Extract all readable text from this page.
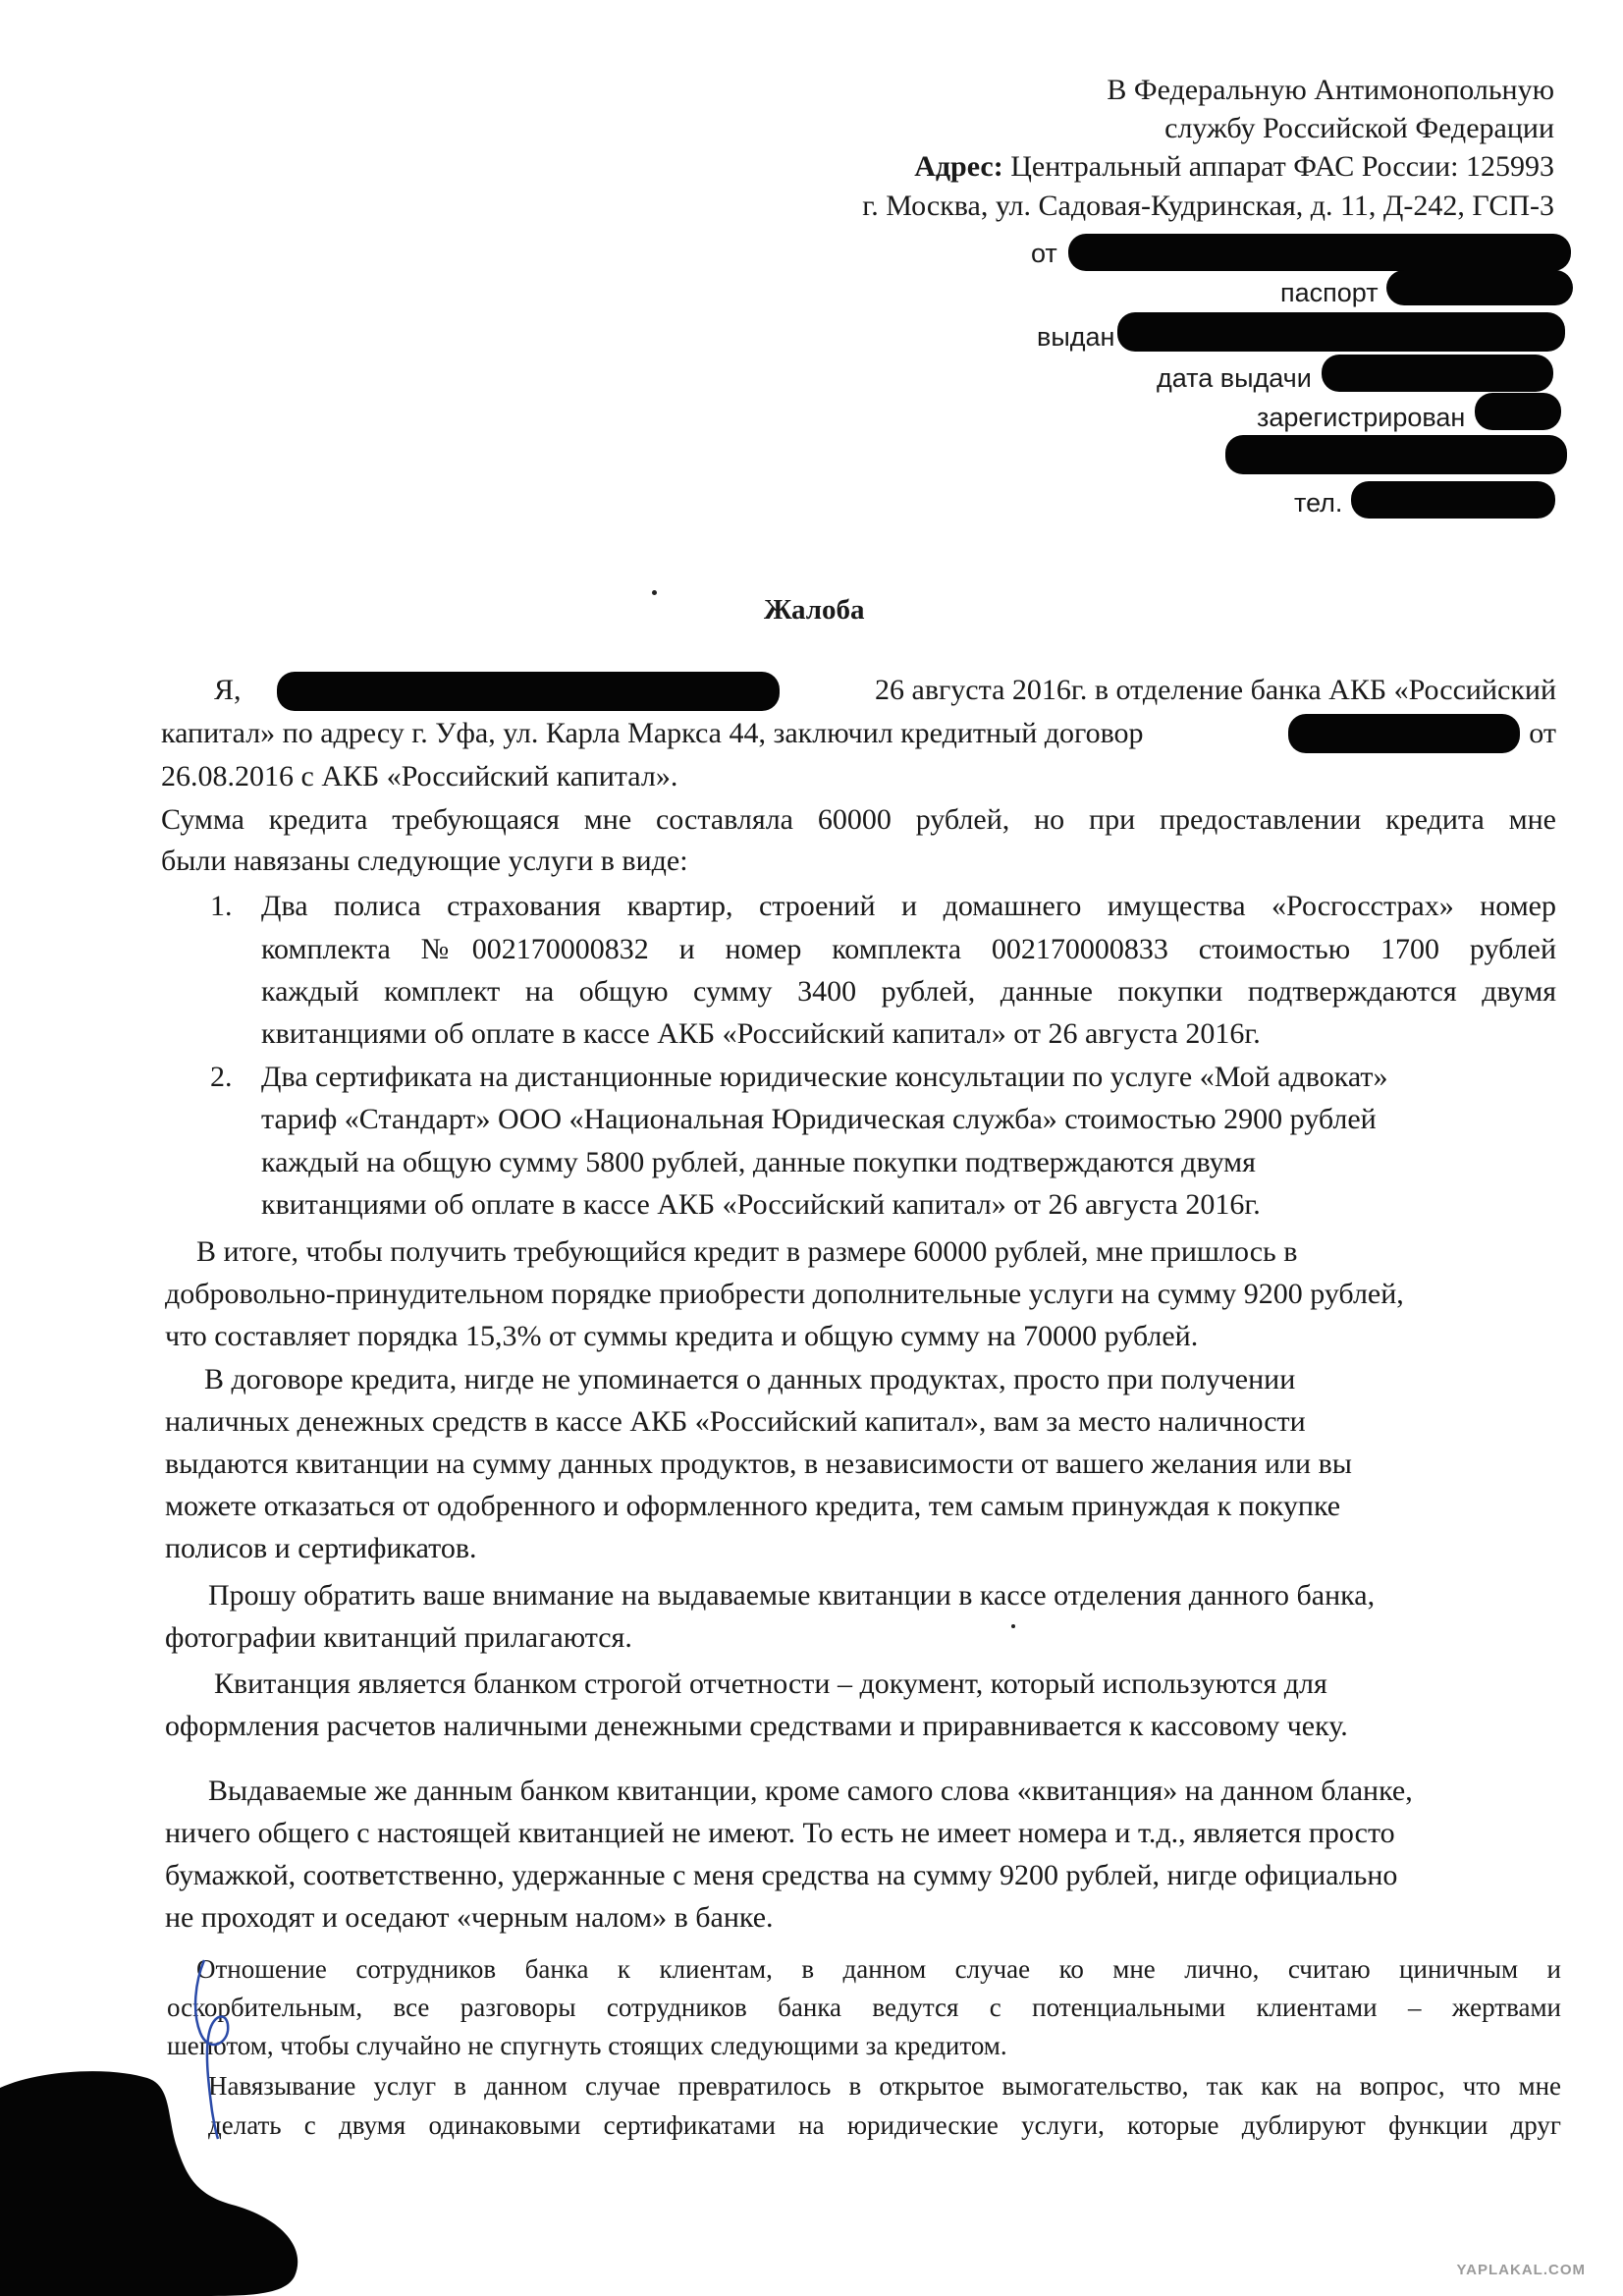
В Федеральную Антимонопольную
службу Российской Федерации
Адрес: Центральный аппарат ФАС России: 125993
г. Москва, ул. Садовая-Кудринская, д. 11, Д-242, ГСП-3
от
паспорт
выдан
дата выдачи
зарегистрирован
тел.
Жалоба
Я,	26 августа 2016г. в отделение банка АКБ «Российский
капитал» по адресу г. Уфа, ул. Карла Маркса 44, заключил кредитный договор	от
26.08.2016 с АКБ «Российский капитал».
Сумма кредита требующаяся мне составляла 60000 рублей, но при предоставлении кредита мне
были навязаны следующие услуги в виде:
1. Два полиса страхования квартир, строений и домашнего имущества «Росгосстрах» номер
комплекта №002170000832 и номер комплекта 002170000833 стоимостью 1700 рублей
каждый комплект на общую сумму 3400 рублей, данные покупки подтверждаются двумя
квитанциями об оплате в кассе АКБ «Российский капитал» от 26 августа 2016г.
2. Два сертификата на дистанционные юридические консультации по услуге «Мой адвокат»
тариф «Стандарт» ООО «Национальная Юридическая служба» стоимостью 2900 рублей
каждый на общую сумму 5800 рублей, данные покупки подтверждаются двумя
квитанциями об оплате в кассе АКБ «Российский капитал» от 26 августа 2016г.
В итоге, чтобы получить требующийся кредит в размере 60000 рублей, мне пришлось в
добровольно-принудительном порядке приобрести дополнительные услуги на сумму 9200 рублей,
что составляет порядка 15,3% от суммы кредита и общую сумму на 70000 рублей.
В договоре кредита, нигде не упоминается о данных продуктах, просто при получении
наличных денежных средств в кассе АКБ «Российский капитал», вам за место наличности
выдаются квитанции на сумму данных продуктов, в независимости от вашего желания или вы
можете отказаться от одобренного и оформленного кредита, тем самым принуждая к покупке
полисов и сертификатов.
Прошу обратить ваше внимание на выдаваемые квитанции в кассе отделения данного банка,
фотографии квитанций прилагаются.
Квитанция является бланком строгой отчетности – документ, который используются для
оформления расчетов наличными денежными средствами и приравнивается к кассовому чеку.
Выдаваемые же данным банком квитанции, кроме самого слова «квитанция» на данном бланке,
ничего общего с настоящей квитанцией не имеют. То есть не имеет номера и т.д., является просто
бумажкой, соответственно, удержанные с меня средства на сумму 9200 рублей, нигде официально
не проходят и оседают «черным налом» в банке.
Отношение сотрудников банка к клиентам, в данном случае ко мне лично, считаю циничным и
оскорбительным, все разговоры сотрудников банка ведутся с потенциальными клиентами – жертвами
шепотом, чтобы случайно не спугнуть стоящих следующими за кредитом.
Навязывание услуг в данном случае превратилось в открытое вымогательство, так как на вопрос, что мне
делать с двумя одинаковыми сертификатами на юридические услуги, которые дублируют функции друг
YAPLAKAL.COM
